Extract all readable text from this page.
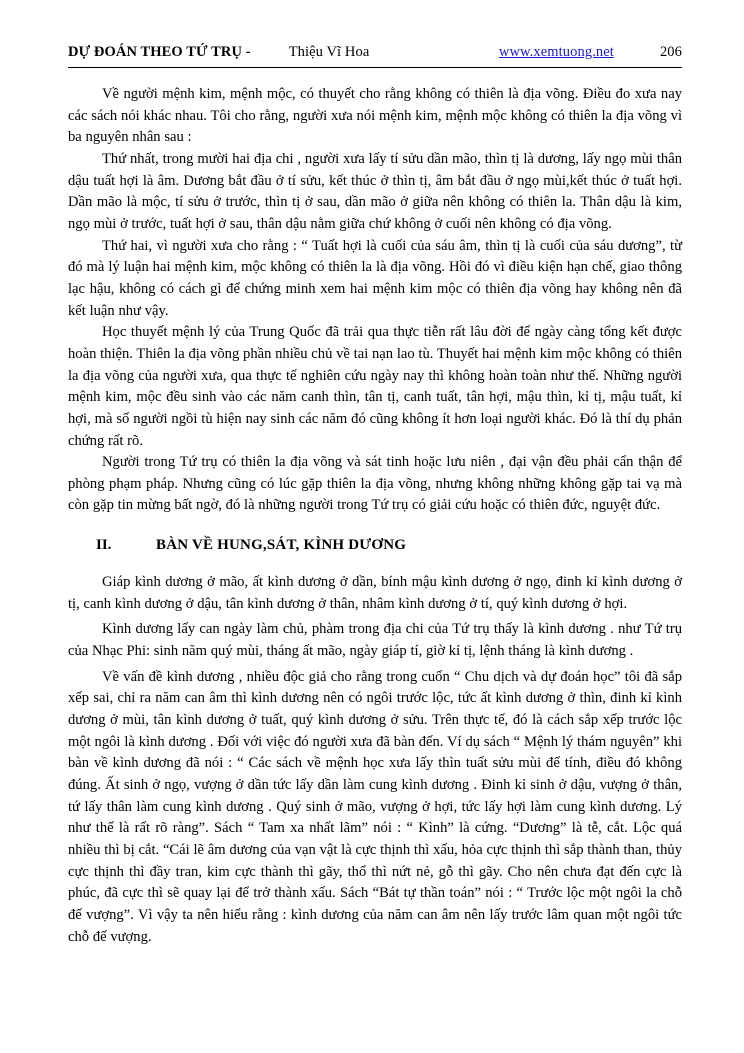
DỰ ĐOÁN THEO TỨ TRỤ -	Thiệu Vĩ Hoa	www.xemtuong.net	206

Về người mệnh kim, mệnh mộc, có thuyết cho rằng không có thiên là địa võng. Điều đo xưa nay các sách nói khác nhau. Tôi cho rằng, người xưa nói mệnh kim, mệnh mộc không có thiên la địa võng vì ba nguyên nhân sau :

Thứ nhất, trong mười hai địa chi , người xưa lấy tí sửu dần mão, thìn tị là dương, lấy ngọ mùi thân dậu tuất hợi là âm. Dương bắt đầu ở tí sửu, kết thúc ở thìn tị, âm bắt đầu ở ngọ mùi,kết thúc ở tuất hợi. Dần mão là mộc, tí sửu ở trước, thìn tị ở sau, dần mão ở giữa nên không có thiên la. Thân dậu là kim, ngọ mùi ở trước, tuất hợi ở sau, thân dậu nằm giữa chứ không ở cuối nên không có địa võng.

Thứ hai, vì người xưa cho rằng : “ Tuất hợi là cuối của sáu âm, thìn tị là cuối của sáu dương”, từ đó mà lý luận hai mệnh kim, mộc không có thiên la là địa võng. Hồi đó vì điều kiện hạn chế, giao thông lạc hậu, không có cách gì để chứng minh xem hai mệnh kim mộc có thiên địa võng hay không nên đã kết luận như vậy.

Học thuyết mệnh lý của Trung Quốc đã trải qua thực tiễn rất lâu đời để ngày càng tổng kết được hoàn thiện. Thiên la địa võng phần nhiều chủ về tai nạn lao tù. Thuyết hai mệnh kim mộc không có thiên la địa võng của người xưa, qua thực tế nghiên cứu ngày nay thì không hoàn toàn như thế. Những người mệnh kim, mộc đều sinh vào các năm canh thìn, tân tị, canh tuất, tân hợi, mậu thìn, kỉ tị, mậu tuất, kỉ hợi, mà số người ngồi tù hiện nay sinh các năm đó cũng không ít hơn loại người khác. Đó là thí dụ phản chứng rất rõ.

Người trong Tứ trụ có thiên la địa võng và sát tinh hoặc lưu niên , đại vận đều phải cẩn thận để phòng phạm pháp. Nhưng cũng có lúc gặp thiên la địa võng, nhưng không những không gặp tai vạ mà còn gặp tin mừng bất ngờ, đó là những người trong Tứ trụ có giải cứu hoặc có thiên đức, nguyệt đức.

II.	BÀN VỀ HUNG,SÁT, KÌNH DƯƠNG

Giáp kình dương ở mão, ất kình dương ở dần, bính mậu kình dương ở ngọ, đinh kỉ kình dương ở tị, canh kình dương ở dậu, tân kình dương ở thân, nhâm kình dương ở tí, quý kình dương ở hợi.

Kình dương lấy can ngày làm chủ, phàm trong địa chi của Tứ trụ thấy là kình dương . như Tứ trụ của Nhạc Phi: sinh năm quý mùi, tháng ất mão, ngày giáp tí, giờ kỉ tị, lệnh tháng là kình dương .

Về vấn đề kình dương , nhiều độc giả cho rằng trong cuốn “ Chu dịch và dự đoán học” tôi đã sắp xếp sai, chỉ ra năm can âm thì kình dương nên có ngôi trước lộc, tức ất kình dương ở thìn, đinh kỉ kình dương ở mùi, tân kình dương ở tuất, quý kình dương ở sửu. Trên thực tế, đó là cách sắp xếp trước lộc một ngôi là kình dương . Đối với việc đó người xưa đã bàn đến. Ví dụ sách “ Mệnh lý thám nguyên” khi bàn về kình dương đã nói : “ Các sách về mệnh học xưa lấy thìn tuất sửu mùi để tính, điều đó không đúng. Ất sinh ở ngọ, vượng ở dần tức lấy dần làm cung kình dương . Đinh kỉ sinh ở dậu, vượng ở thân, tứ lấy thân làm cung kình dương . Quý sinh ở mão, vượng ở hợi, tức lấy hợi làm cung kình dương. Lý như thế là rất rõ ràng”. Sách “ Tam xa nhất lãm” nói : “ Kình” là cứng. “Dương” là tễ, cắt. Lộc quá nhiều thì bị cắt. “Cái lẽ âm dương của vạn vật là cực thịnh thì xấu, hỏa cực thịnh thì sắp thành than, thủy cực thịnh thì đầy tran, kim cực thành thì gãy, thổ thì nứt nẻ, gỗ thì gãy. Cho nên chưa đạt đến cực là phúc, đã cực thì sẽ quay lại để trở thành xấu. Sách “Bát tự thần toán” nói : “ Trước lộc một ngôi la chỗ đế vượng”. Vì vậy ta nên hiểu rằng : kình dương của năm can âm nên lấy trước lâm quan một ngôi tức chỗ đế vượng.
